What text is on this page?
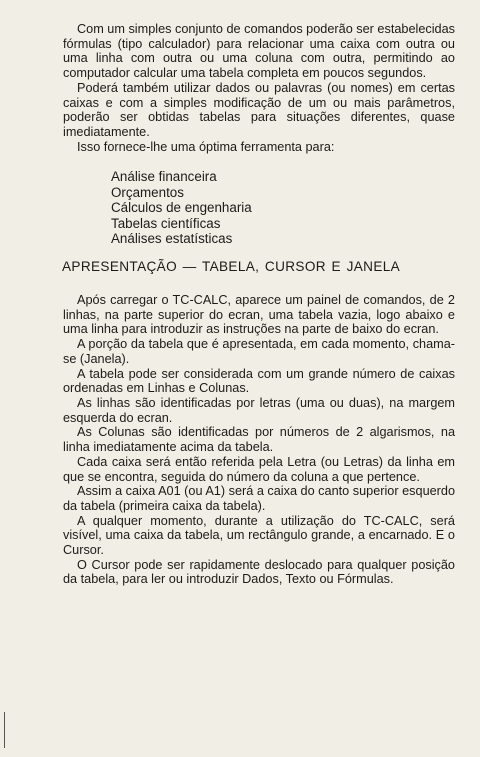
Com um simples conjunto de comandos poderão ser estabelecidas fórmulas (tipo calculador) para relacionar uma caixa com outra ou uma linha com outra ou uma coluna com outra, permitindo ao computador calcular uma tabela completa em poucos segundos.

Poderá também utilizar dados ou palavras (ou nomes) em certas caixas e com a simples modificação de um ou mais parâmetros, poderão ser obtidas tabelas para situações diferentes, quase imediatamente.

Isso fornece-lhe uma óptima ferramenta para:

Análise financeira
Orçamentos
Cálculos de engenharia
Tabelas científicas
Análises estatísticas
APRESENTAÇÃO — TABELA, CURSOR E JANELA

Após carregar o TC-CALC, aparece um painel de comandos, de 2 linhas, na parte superior do ecran, uma tabela vazia, logo abaixo e uma linha para introduzir as instruções na parte de baixo do ecran.

A porção da tabela que é apresentada, em cada momento, chama-se (Janela).

A tabela pode ser considerada com um grande número de caixas ordenadas em Linhas e Colunas.

As linhas são identificadas por letras (uma ou duas), na margem esquerda do ecran.

As Colunas são identificadas por números de 2 algarismos, na linha imediatamente acima da tabela.

Cada caixa será então referida pela Letra (ou Letras) da linha em que se encontra, seguida do número da coluna a que pertence.

Assim a caixa A01 (ou A1) será a caixa do canto superior esquerdo da tabela (primeira caixa da tabela).

A qualquer momento, durante a utilização do TC-CALC, será visível, uma caixa da tabela, um rectângulo grande, a encarnado. E o Cursor.

O Cursor pode ser rapidamente deslocado para qualquer posição da tabela, para ler ou introduzir Dados, Texto ou Fórmulas.
